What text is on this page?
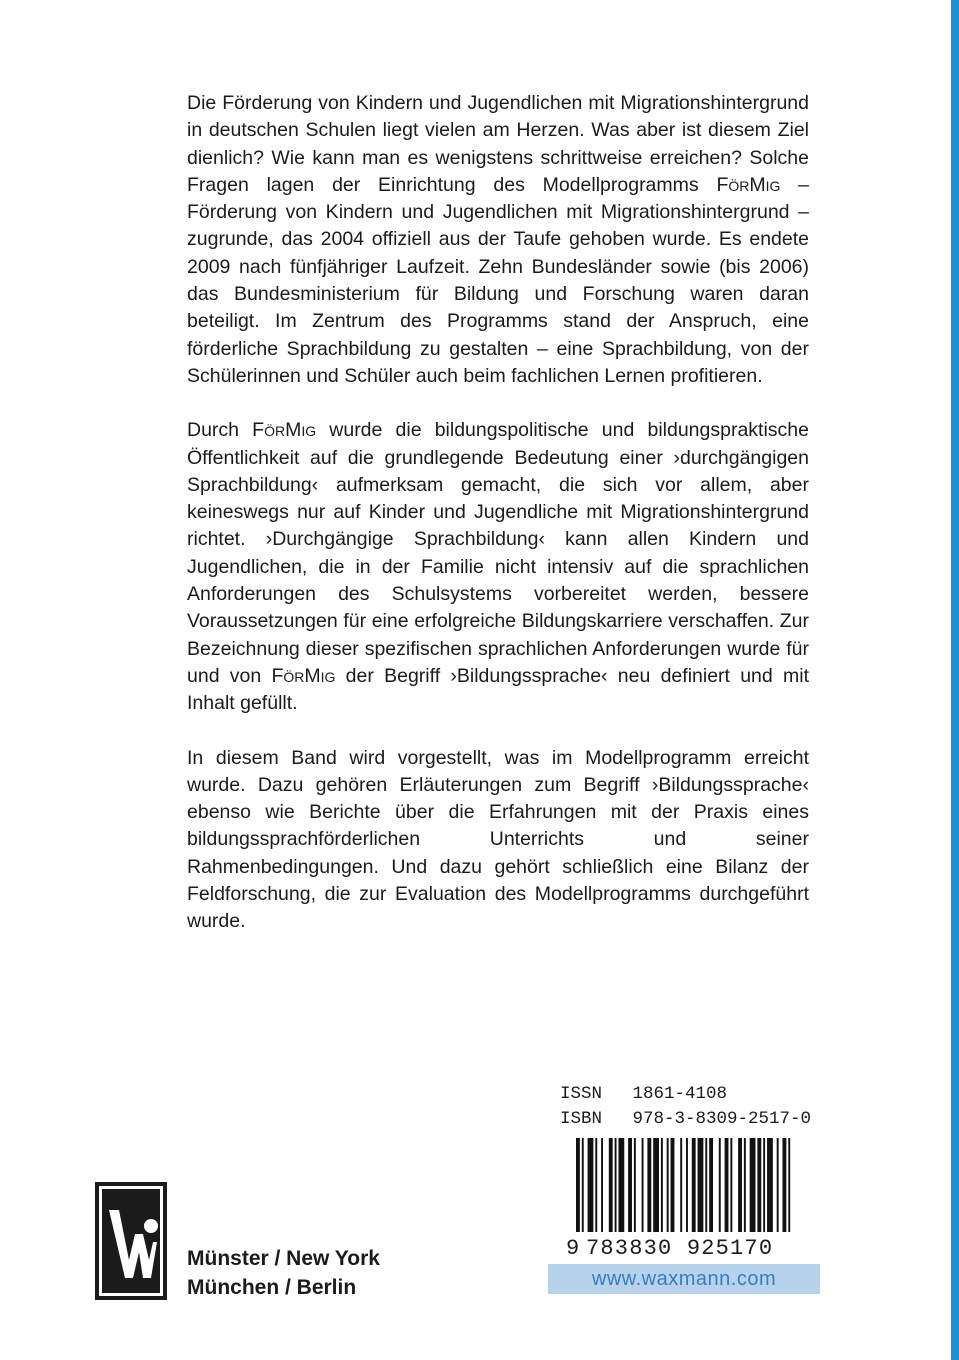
Die Förderung von Kindern und Jugendlichen mit Migrationshintergrund in deutschen Schulen liegt vielen am Herzen. Was aber ist diesem Ziel dienlich? Wie kann man es wenigstens schrittweise erreichen? Solche Fragen lagen der Einrichtung des Modellprogramms FörMig – Förderung von Kindern und Jugendlichen mit Migrationshintergrund – zugrunde, das 2004 offiziell aus der Taufe gehoben wurde. Es endete 2009 nach fünfjähriger Laufzeit. Zehn Bundesländer sowie (bis 2006) das Bundesministerium für Bildung und Forschung waren daran beteiligt. Im Zentrum des Programms stand der Anspruch, eine förderliche Sprachbildung zu gestalten – eine Sprachbildung, von der Schülerinnen und Schüler auch beim fachlichen Lernen profitieren.

Durch FörMig wurde die bildungspolitische und bildungspraktische Öffentlichkeit auf die grundlegende Bedeutung einer ›durchgängigen Sprachbildung‹ aufmerksam gemacht, die sich vor allem, aber keineswegs nur auf Kinder und Jugendliche mit Migrationshintergrund richtet. ›Durchgängige Sprachbildung‹ kann allen Kindern und Jugendlichen, die in der Familie nicht intensiv auf die sprachlichen Anforderungen des Schulsystems vorbereitet werden, bessere Voraussetzungen für eine erfolgreiche Bildungskarriere verschaffen. Zur Bezeichnung dieser spezifischen sprachlichen Anforderungen wurde für und von FörMig der Begriff ›Bildungssprache‹ neu definiert und mit Inhalt gefüllt.

In diesem Band wird vorgestellt, was im Modellprogramm erreicht wurde. Dazu gehören Erläuterungen zum Begriff ›Bildungssprache‹ ebenso wie Berichte über die Erfahrungen mit der Praxis eines bildungssprachförderlichen Unterrichts und seiner Rahmenbedingungen. Und dazu gehört schließlich eine Bilanz der Feldforschung, die zur Evaluation des Modellprogramms durchgeführt wurde.

ISSN 1861-4108
ISBN 978-3-8309-2517-0
9 783830 925170
www.waxmann.com
Münster / New York
München / Berlin
